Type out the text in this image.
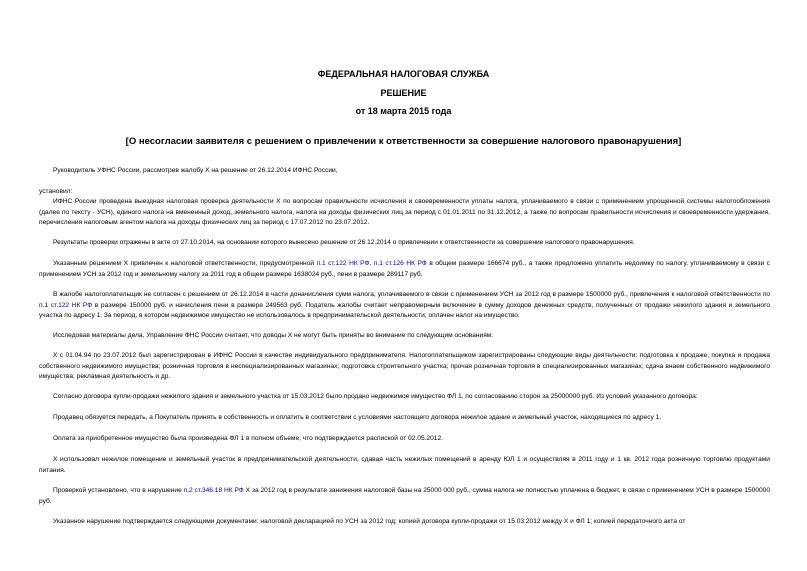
ФЕДЕРАЛЬНАЯ НАЛОГОВАЯ СЛУЖБА
РЕШЕНИЕ
от 18 марта 2015 года
[О несогласии заявителя с решением о привлечении к ответственности за совершение налогового правонарушения]

Руководитель УФНС России, рассмотрев жалобу Х на решение от 26.12.2014 ИФНС России,

установил:

ИФНС России проведена выездная налоговая проверка деятельности Х по вопросам правильности исчисления и своевременности уплаты налога, уплачиваемого в связи с применением упрощенной системы налогообложения (далее по тексту - УСН), единого налога на вмененный доход, земельного налога, налога на доходы физических лиц за период с 01.01.2011 по 31.12.2012, а также по вопросам правильности исчисления и своевременности удержания, перечисления налоговым агентом налога на доходы физических лиц за период с 17.07.2012 по 23.07.2012.

Результаты проверки отражены в акте от 27.10.2014, на основании которого вынесено решение от 26.12.2014 о привлечении к ответственности за совершение налогового правонарушения.

Указанным решением Х привлечен к налоговой ответственности, предусмотренной п.1 ст.122 НК РФ, п.1 ст.126 НК РФ в общем размере 166674 руб., а также предложено уплатить недоимку по налогу, уплачиваемому в связи с применением УСН за 2012 год и земельному налогу за 2011 год в общем размере 1638024 руб., пени в размере 289117 руб.

В жалобе налогоплательщик не согласен с решением от 26.12.2014 в части доначисления сумм налога, уплачиваемого в связи с применением УСН за 2012 год в размере 1500000 руб., привлечения к налоговой ответственности по п.1 ст.122 НК РФ в размере 150000 руб. и начисления пени в размере 249563 руб. Податель жалобы считает неправомерным включение в сумму доходов денежных средств, полученных от продажи нежилого здания и земельного участка по адресу 1. За период, в котором недвижимое имущество не использовалось в предпринимательской деятельности, оплачен налог на имущество.

Исследовав материалы дела, Управление ФНС России считает, что доводы Х не могут быть приняты во внимание по следующим основаниям:

Х с 01.04.94 по 23.07.2012 был зарегистрирован в ИФНС России в качестве индивидуального предпринимателя. Налогоплательщиком зарегистрированы следующие виды деятельности: подготовка к продаже, покупка и продажа собственного недвижимого имущества; розничная торговля в неспециализированных магазинах; подготовка строительного участка; прочая розничная торговля в специализированных магазинах; сдача внаем собственного недвижимого имущества; рекламная деятельность и др.

Согласно договора купли-продажи нежилого здания и земельного участка от 15.03.2012 было продано недвижимое имущество ФЛ 1, по согласованию сторон за 25000000 руб. Из условий указанного договора:

Продавец обязуется передать, а Покупатель принять в собственность и оплатить в соответствии с условиями настоящего договора нежилое здание и земельный участок, находящиеся по адресу 1.

Оплата за приобретенное имущество была произведена ФЛ 1 в полном объеме, что подтверждается распиской от 02.05.2012.

Х использовал нежилое помещение и земельный участок в предпринимательской деятельности, сдавая часть нежилых помещений в аренду ЮЛ 1 и осуществляя в 2011 году и 1 кв. 2012 года розничную торговлю продуктами питания.

Проверкой установлено, что в нарушение п.2 ст.346.18 НК РФ Х за 2012 год в результате занижения налоговой базы на 25000 000 руб., сумма налога не полностью уплачена в бюджет, в связи с применением УСН в размере 1500000 руб.

Указанное нарушение подтверждается следующими документами: налоговой декларацией по УСН за 2012 год; копией договора купли-продажи от 15.03.2012 между Х и ФЛ 1; копией передаточного акта от
